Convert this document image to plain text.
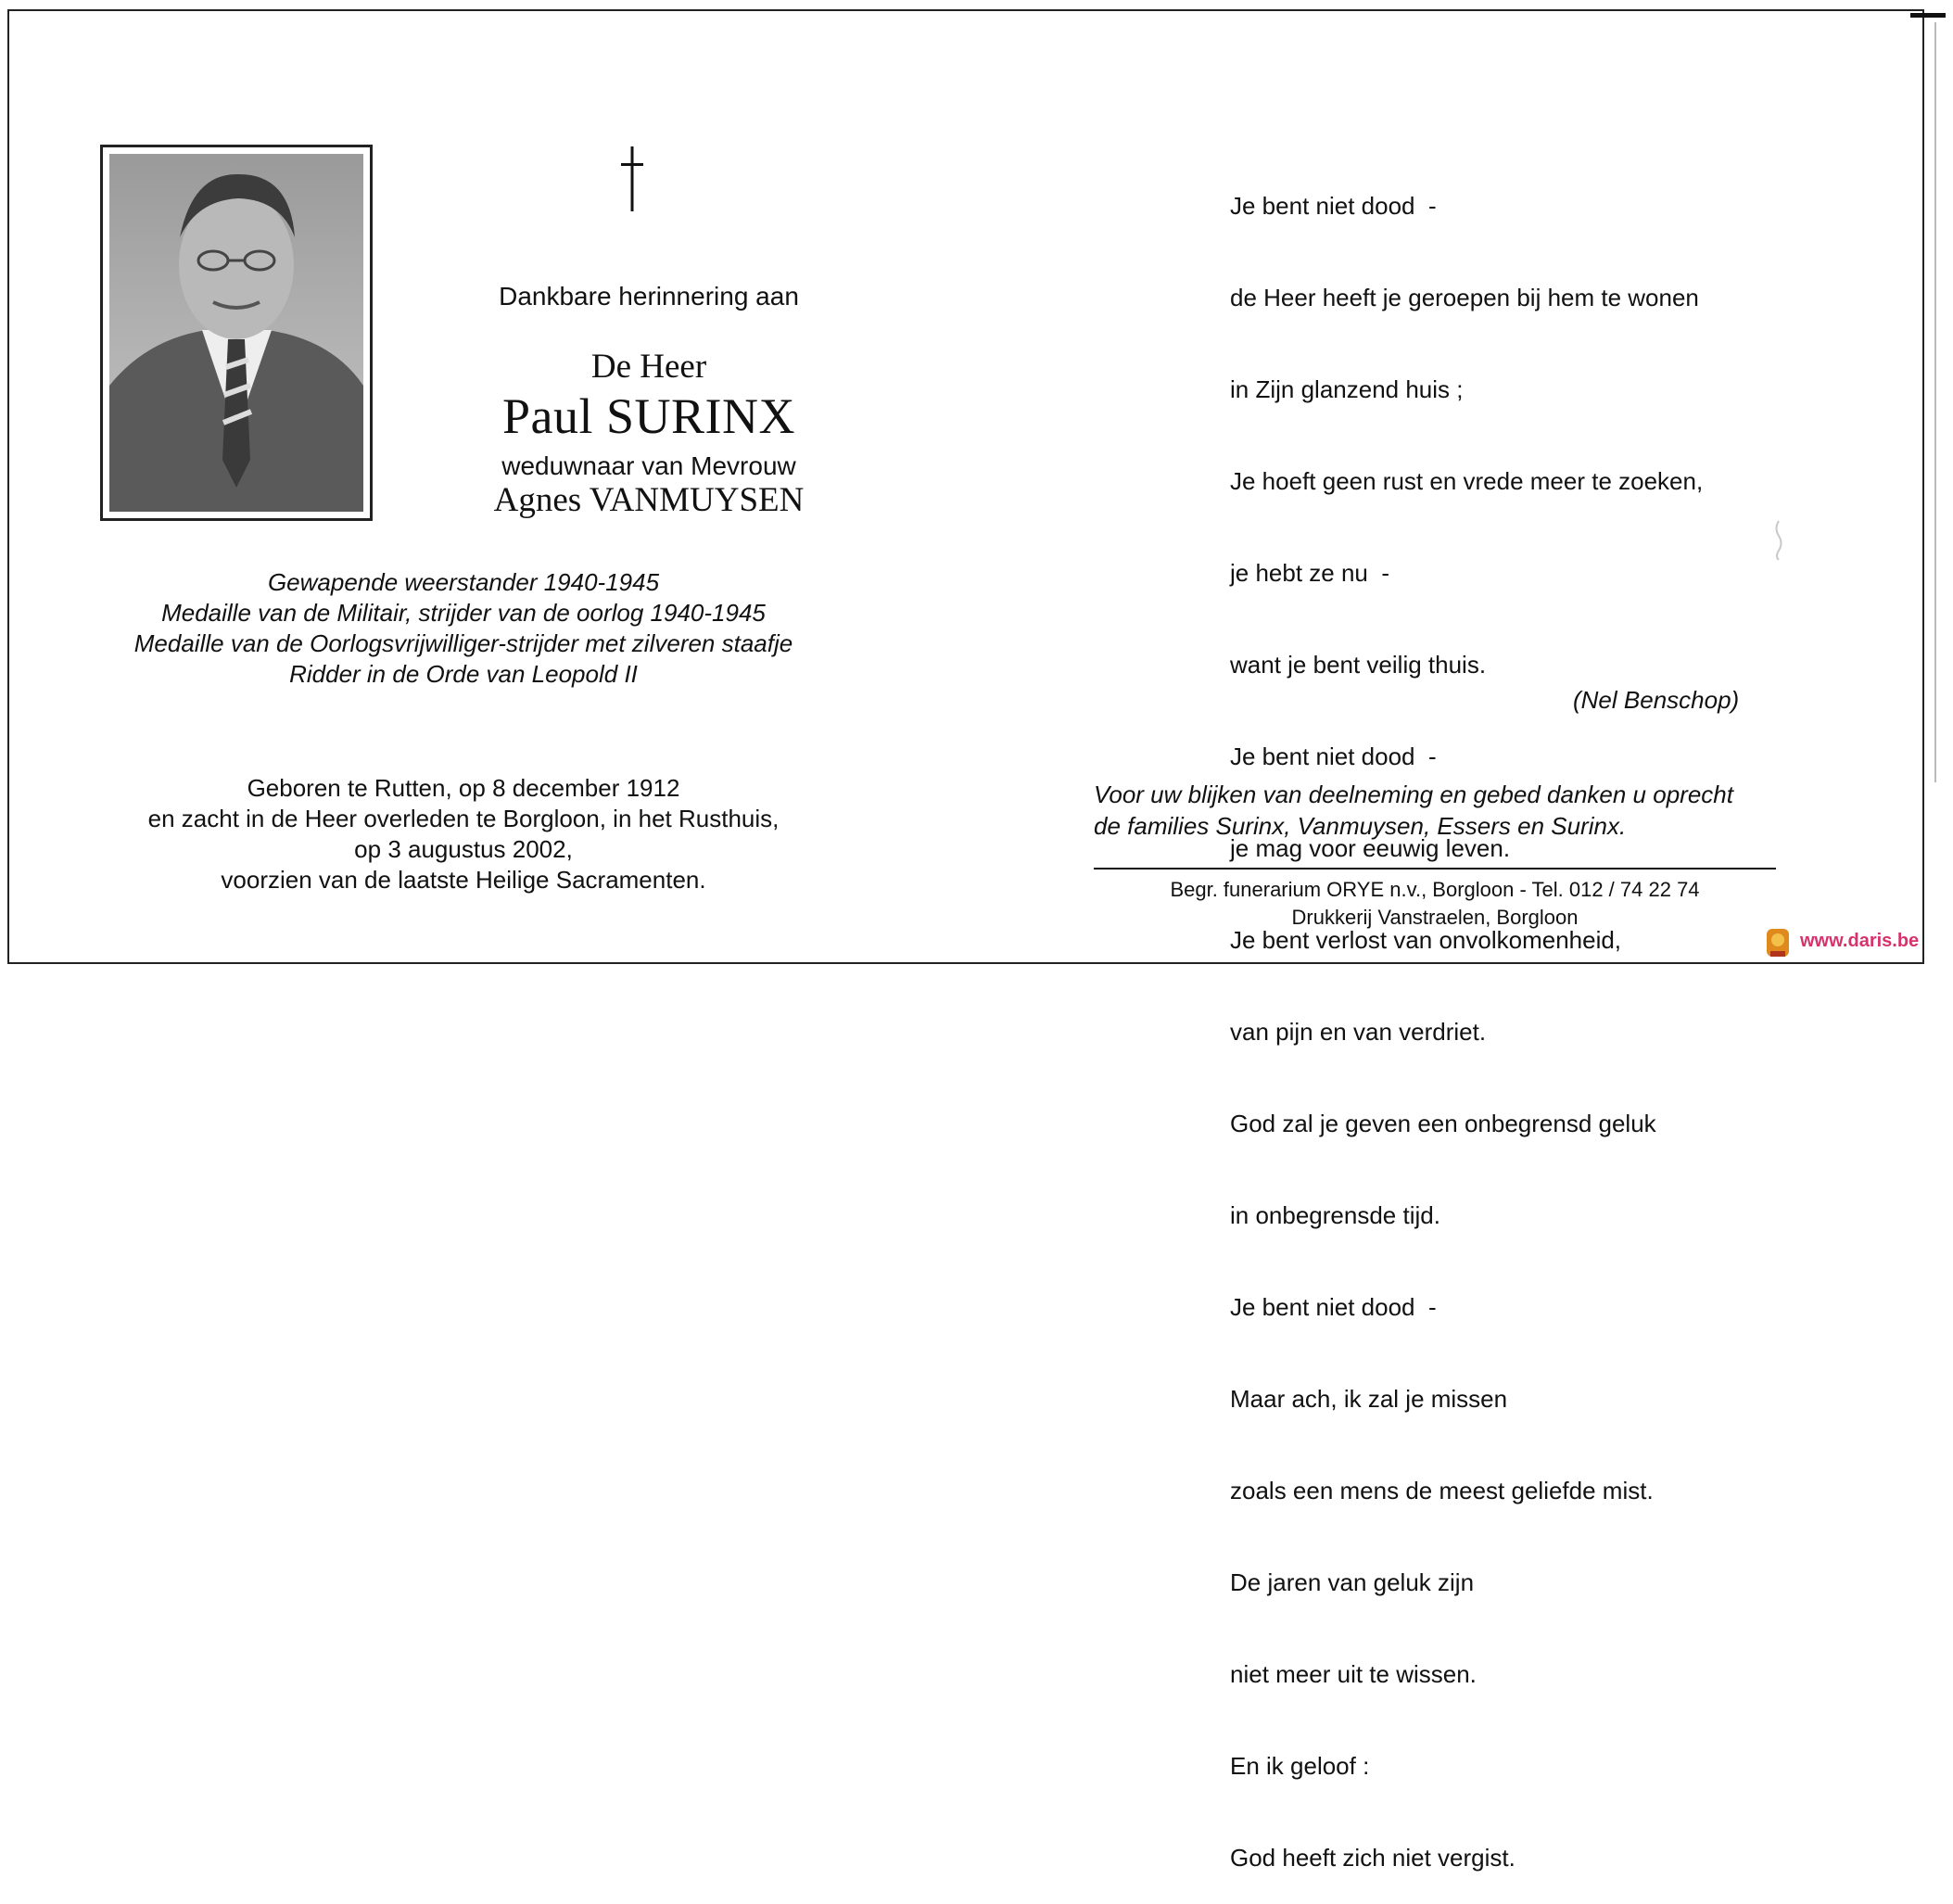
Dankbare herinnering aan
De Heer
Paul SURINX
weduwnaar van Mevrouw
Agnes VANMUYSEN
Gewapende weerstander 1940-1945
Medaille van de Militair, strijder van de oorlog 1940-1945
Medaille van de Oorlogsvrijwilliger-strijder met zilveren staafje
Ridder in de Orde van Leopold II
Geboren te Rutten, op 8 december 1912
en zacht in de Heer overleden te Borgloon, in het Rusthuis,
op 3 augustus 2002,
voorzien van de laatste Heilige Sacramenten.

Je bent niet dood  -

de Heer heeft je geroepen bij hem te wonen

in Zijn glanzend huis ;

Je hoeft geen rust en vrede meer te zoeken,

je hebt ze nu  -

want je bent veilig thuis.

Je bent niet dood  -

je mag voor eeuwig leven.

Je bent verlost van onvolkomenheid,

van pijn en van verdriet.

God zal je geven een onbegrensd geluk

in onbegrensde tijd.

Je bent niet dood  -

Maar ach, ik zal je missen

zoals een mens de meest geliefde mist.

De jaren van geluk zijn

niet meer uit te wissen.

En ik geloof :

God heeft zich niet vergist.

(Nel Benschop)
Voor uw blijken van deelneming en gebed danken u oprecht
de families Surinx, Vanmuysen, Essers en Surinx.
Begr. funerarium ORYE n.v., Borgloon - Tel. 012 / 74 22 74
Drukkerij Vanstraelen, Borgloon
www.daris.be
